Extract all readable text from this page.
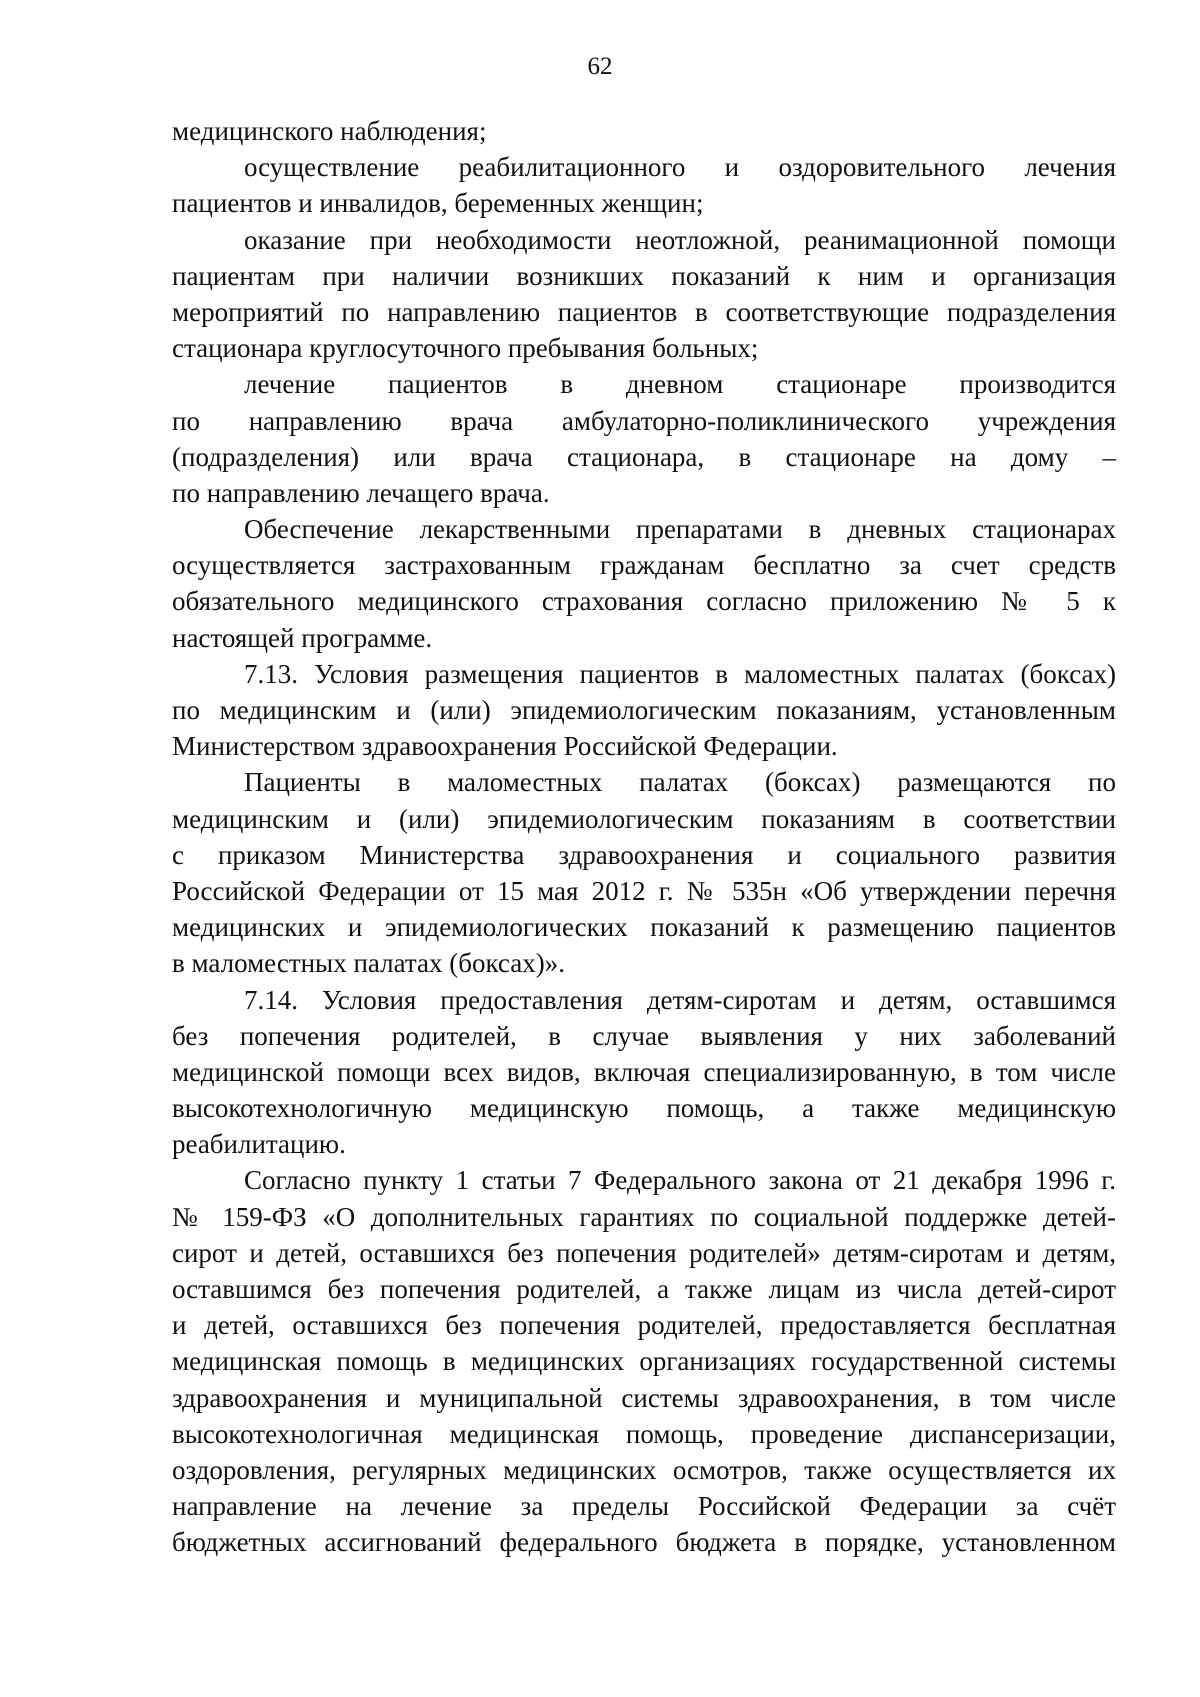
62
медицинского наблюдения;
осуществление реабилитационного и оздоровительного лечения
пациентов и инвалидов, беременных женщин;
оказание при необходимости неотложной, реанимационной помощи
пациентам при наличии возникших показаний к ним и организация
мероприятий по направлению пациентов в соответствующие подразделения
стационара круглосуточного пребывания больных;
лечение пациентов в дневном стационаре производится
по направлению врача амбулаторно-поликлинического учреждения
(подразделения) или врача стационара, в стационаре на дому –
по направлению лечащего врача.
Обеспечение лекарственными препаратами в дневных стационарах
осуществляется застрахованным гражданам бесплатно за счет средств
обязательного медицинского страхования согласно приложению № 5 к
настоящей программе.
7.13. Условия размещения пациентов в маломестных палатах (боксах)
по медицинским и (или) эпидемиологическим показаниям, установленным
Министерством здравоохранения Российской Федерации.
Пациенты в маломестных палатах (боксах) размещаются по
медицинским и (или) эпидемиологическим показаниям в соответствии
с приказом Министерства здравоохранения и социального развития
Российской Федерации от 15 мая 2012 г. № 535н «Об утверждении перечня
медицинских и эпидемиологических показаний к размещению пациентов
в маломестных палатах (боксах)».
7.14. Условия предоставления детям-сиротам и детям, оставшимся
без попечения родителей, в случае выявления у них заболеваний
медицинской помощи всех видов, включая специализированную, в том числе
высокотехнологичную медицинскую помощь, а также медицинскую
реабилитацию.
Согласно пункту 1 статьи 7 Федерального закона от 21 декабря 1996 г.
№ 159-ФЗ «О дополнительных гарантиях по социальной поддержке детей-
сирот и детей, оставшихся без попечения родителей» детям-сиротам и детям,
оставшимся без попечения родителей, а также лицам из числа детей-сирот
и детей, оставшихся без попечения родителей, предоставляется бесплатная
медицинская помощь в медицинских организациях государственной системы
здравоохранения и муниципальной системы здравоохранения, в том числе
высокотехнологичная медицинская помощь, проведение диспансеризации,
оздоровления, регулярных медицинских осмотров, также осуществляется их
направление на лечение за пределы Российской Федерации за счёт
бюджетных ассигнований федерального бюджета в порядке, установленном
